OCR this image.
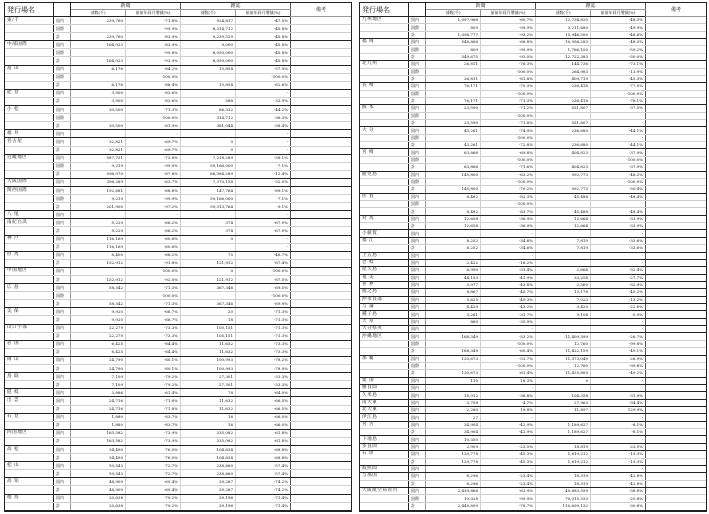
発行場名		新聞		雑誌		備考
		部数(千)	前前年同月増減(%)	部数(千)	前前年同月増減(%)	
東/千	国内	239,760	-71.8%	924,817	-47.5%	
	国際		-99.9%	8,314,712	-45.8%	
	計	239,760	-83.9%	9,239,529	-45.8%	
中部国際	国内	164,923	-83.9%	9,000	-45.8%	
	国際		-99.8%	8,050,000	-45.8%	
	計	164,923	-93.9%	8,059,000	-45.8%	
富 山	国内	6,176	-84.2%	15,854	-57.9%	
	国際		-100.0%		-100.0%	
	計	6,176	-88.4%	15,854	-62.6%	
能 登	国内	3,900	-83.6%		-	
	計	3,900	-83.6%	588	33.9%	
小 松	国内	30,500	-71.3%	66,332	-44.2%	
	国際		-100.0%	314,712	-36.3%	
	計	30,500	-81.9%	381,044	-38.4%	
福 井	国内		-		-	
名古屋	国内	32,821	-69.7%	0	-	
	計	32,821	-69.7%	0	-	
近畿地区	国内	587,751	-73.8%	7,218,289	-38.1%	
	国際	9,219	-99.9%	59,166,000	-7.1%	
	計	596,970	-87.8%	66,384,289	-12.4%	
大阪国際	国内	396,289	-63.7%	7,370,158	-32.0%	
関西国際	国内	192,681	-68.8%	147,764	-89.1%	
	国際	9,219	-99.9%	59,166,000	-7.1%	
	計	201,900	-97.2%	59,313,764	-9.1%	
八 尾	国内		-		-	
南紀白浜	国内	5,229	-66.2%	374	-67.0%	
	計	5,229	-66.2%	374	-67.0%	
神 戸	国内	116,169	-60.8%	0	-	
	計	116,169	-60.8%		-	
但 馬	国内	8,400	-68.2%	75	-46.7%	
	計	152,912	-91.8%	121,912	-87.4%	
中国地区	国内		-100.0%	0	-100.0%	
	計	152,912	-92.0%	121,912	-87.5%	
広 島	国内	58,342	-71.3%	367,346	-69.5%	
	国際		-100.0%		-100.0%	
	計	58,342	-71.3%	367,346	-69.9%	
美 保	国内	9,920	-68.7%	20	-71.3%	
	計	9,920	-68.7%	18	-71.3%	
山口宇部	国内	22,279	-73.3%	105,151	-71.3%	
	計	22,279	-73.3%	105,151	-71.3%	
岩 国	国内	6,425	-84.4%	11,632	-73.3%	
	計	6,425	-84.4%	11,632	-73.3%	
岡 山	国内	24,790	-80.1%	100,993	-78.2%	
	計	24,790	-80.1%	100,993	-78.9%	
鳥 取	国内	7,109	-79.2%	27,301	-33.3%	
	計	7,109	-79.2%	27,301	-33.3%	
隠 岐	国内	3,886	-61.4%	78	-64.0%	
出 雲	国内	24,716	-71.8%	11,632	-66.5%	
	計	24,716	-71.8%	11,632	-66.5%	
石 見	国内	1,880	-83.7%	16	-66.0%	
	計	1,880	-83.7%	16	-66.0%	
四国地区	国内	163,582	-73.9%	335,082	-61.8%	
	計	163,582	-73.9%	335,082	-61.8%	
高 松	国内	34,490	-76.0%	104,834	-68.8%	
	計	34,490	-76.0%	104,834	-68.8%	
松 山	国内	59,543	-72.7%	238,660	-57.4%	
	計	59,543	-72.7%	238,660	-57.4%	
高 知	国内	48,909	-69.4%	39,267	-74.2%	
	計	48,909	-69.4%	39,267	-74.2%	
徳 島	国内	20,638	-79.2%	39,196	-71.4%	
	計	20,638	-79.2%	39,196	-71.4%	
発行場名		新聞		雑誌		備考
		部数(千)	前前年同月増減(%)	部数(千)	前前年同月増減(%)	
九州地区	国内	1,097,968	-60.7%	12,734,820	-48.3%	
	国際	809	-99.9%	3,211,680	-49.9%	
	計	1,098,777	-93.2%	15,946,500	-48.6%	
福 岡	国内	548,866	-66.8%	10,956,283	-48.3%	
	国際	809	-99.9%	1,766,100	-59.2%	
	計	549,675	-93.0%	12,722,383	-50.0%	
北九州	国内	26,811	-76.3%	144,736	-73.1%	
	国際		-100.0%	264,983	-13.9%	
	計	26,811	-81.8%	409,719	-45.3%	
長 崎	国内	76,171	-70.3%	236,418	-77.0%	
	国際		-100.0%		-100.0%	
	計	76,171	-71.3%	236,418	-78.1%	
熊 本	国内	23,590	-71.2%	551,807	-37.5%	
	国際		-100.0%		-	
	計	23,590	-71.8%	551,807	-	
大 分	国内	43,261	-74.9%	236,680	-44.1%	
	国際		-100.0%		-	
	計	43,261	-72.8%	236,680	-44.1%	
宮 崎	国内	63,866	-69.8%	404,823	-37.9%	
	国際		-100.0%		-100.0%	
	計	63,866	-71.6%	404,823	-37.9%	
鹿児島	国内	145,800	-63.2%	992,773	-48.2%	
	国際		-100.0%		-100.0%	
	計	145,800	-70.2%	992,773	-50.4%	
佐 賀	国内	8,482	-82.3%	45,488	-48.4%	
	国際		-100.0%		-	
	計	8,482	-83.7%	45,488	-48.4%	
対 馬	国内	12,658	-36.9%	12,664	-33.9%	
	計	12,658	-36.9%	12,664	-33.9%	
小値賀	国内		-		-	
福 江	国内	8,252	-34.6%	7,819	-33.6%	
	計	8,252	-34.6%	7,819	-33.6%	
上五島	国内		-		-	
壱 岐	国内	2,422	-16.2%		-	
屋久島	国内	8,990	-33.4%	2,664	-32.4%	
奄 美	国内	44,153	-41.9%	33,254	-27.7%	
喜 界	国内	3,977	-43.8%	2,560	-32.9%	
徳之島	国内	8,867	-45.7%	13,178	-45.2%	
沖永良部	国内	5,625	-49.3%	7,023	-13.2%	
与 論	国内	4,429	-43.2%	3,420	-22.8%	
種子島	国内	3,261	-31.7%	9,104	-5.9%	
天 草	国内	860	-35.9%		-	
大分県央	国内		-		-	
沖縄地区	国内	168,349	-53.2%	11,409,399	-26.7%	
	国際		-100.0%	12,760	-99.8%	
	計	168,349	-60.4%	11,422,159	-49.1%	
那 覇	国内	120,673	-53.7%	11,373,049	-26.9%	
	国際		-100.0%	12,760	-99.8%	
	計	120,673	-61.4%	11,425,809	-49.2%	
粟 国	国内	110	18.3%	0	-	
慶良間	国内		-		-	
久米島	国内	15,912	-36.8%	104,358	-31.9%	
南大東	国内	3,758	-4.7%	27,963	-34.4%	
北大東	国内	2,260	19.8%	11,897	129.9%	
伊江島	国内	27	-		-	
宮 古	国内	34,904	-42.9%	1,189,627	-8.1%	
	計	34,904	-42.9%	1,189,627	-8.1%	
下地島	国内	10,350	-		-	
多良間	国内	2,909	-23.5%	18,819	-23.5%	
石 垣	国内	120,778	-45.3%	1,619,212	-13.3%	
	計	120,778	-45.3%	1,619,212	-13.3%	
波照間	国内		-		-	
与那国	国内	6,296	-23.4%	18,319	-42.8%	
	計	6,296	-23.4%	18,319	-42.8%	
大阪航空局管内	国内	2,439,866	-63.9%	40,683,599	-38.8%	
	国際	10,028	-99.9%	70,015,533	-25.8%	
	計	2,449,899	-78.7%	110,699,132	-30.8%	
